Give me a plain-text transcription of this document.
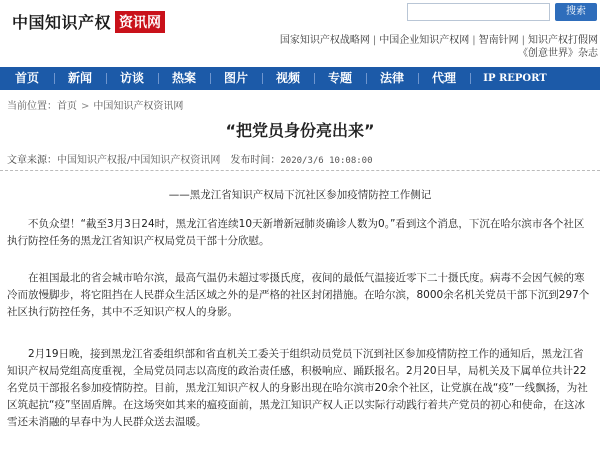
中国知识产权 资讯网
搜索
国家知识产权战略网 | 中国企业知识产权网 | 智南针网 | 知识产权打假网
《创意世界》杂志
首页	新闻	访谈	热案	图片	视频	专题	法律	代理	IP REPORT
当前位置：首页 > 中国知识产权资讯网
“把党员身份亮出来”
文章来源：中国知识产权报/中国知识产权资讯网 发布时间：2020/3/6 10:08:00
——黑龙江省知识产权局下沉社区参加疫情防控工作侧记

不负众望！“截至3月3日24时，黑龙江省连续10天新增新冠肺炎确诊人数为0。”看到这个消息，下沉在哈尔滨市各个社区执行防控任务的黑龙江省知识产权局党员干部十分欣慰。

在祖国最北的省会城市哈尔滨，最高气温仍未超过零摄氏度，夜间的最低气温接近零下二十摄氏度。病毒不会因气候的寒冷而放慢脚步，将它阻挡在人民群众生活区域之外的是严格的社区封闭措施。在哈尔滨，8000余名机关党员干部下沉到297个社区执行防控任务，其中不乏知识产权人的身影。

2月19日晚，接到黑龙江省委组织部和省直机关工委关于组织动员党员下沉到社区参加疫情防控工作的通知后，黑龙江省知识产权局党组高度重视，全局党员同志以高度的政治责任感，积极响应、踊跃报名。2月20日早，局机关及下属单位共计22名党员干部报名参加疫情防控。目前，黑龙江知识产权人的身影出现在哈尔滨市20余个社区，让党旗在战“疫”一线飘扬，为社区筑起抗“疫”坚固盾牌。在这场突如其来的瘟疫面前，黑龙江知识产权人正以实际行动践行着共产党员的初心和使命，在这冰雪还未消融的早春中为人民群众送去温暖。
